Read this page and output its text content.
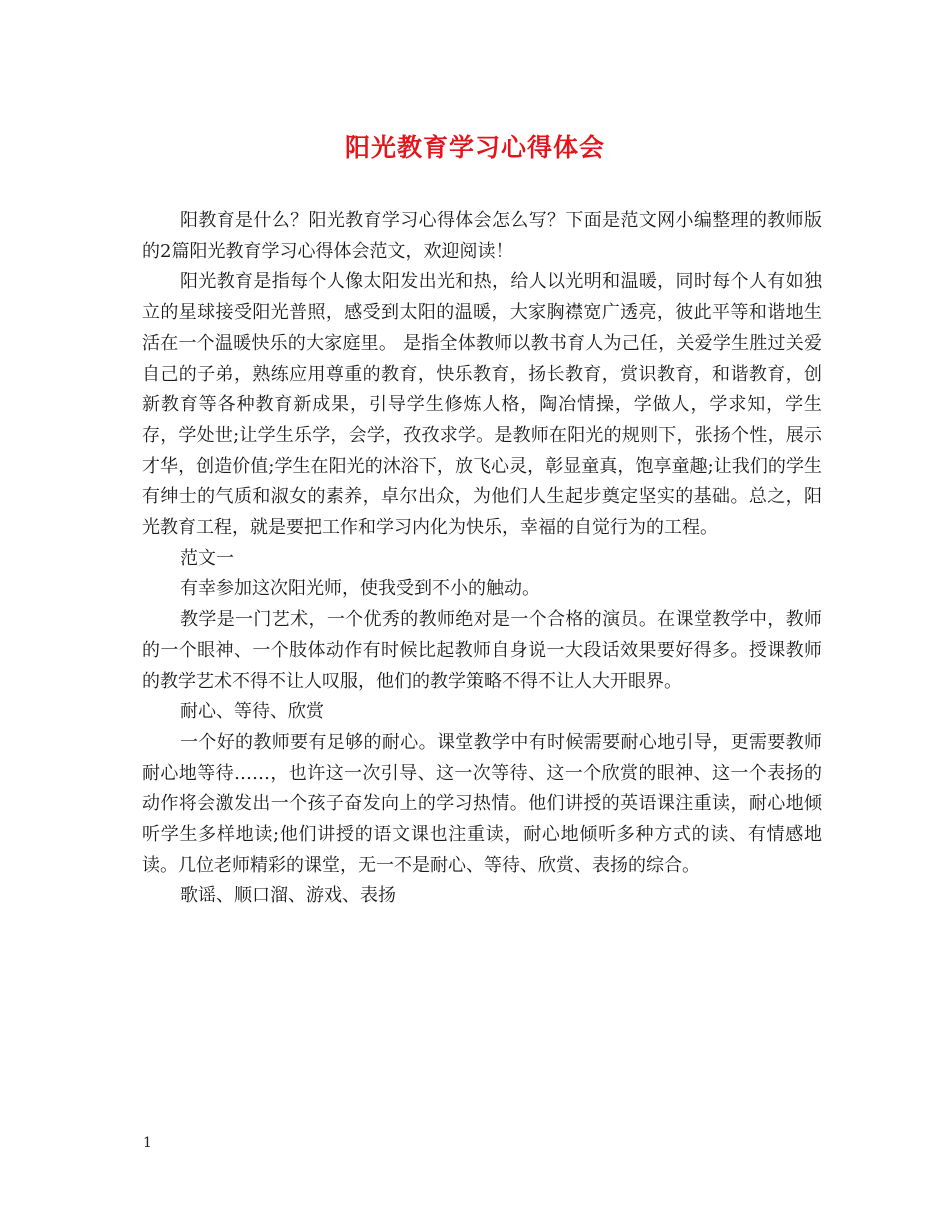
阳光教育学习心得体会

阳教育是什么？阳光教育学习心得体会怎么写？下面是范文网小编整理的教师版的2篇阳光教育学习心得体会范文，欢迎阅读！

阳光教育是指每个人像太阳发出光和热，给人以光明和温暖，同时每个人有如独立的星球接受阳光普照，感受到太阳的温暖，大家胸襟宽广透亮，彼此平等和谐地生活在一个温暖快乐的大家庭里。 是指全体教师以教书育人为己任，关爱学生胜过关爱自己的子弟，熟练应用尊重的教育，快乐教育，扬长教育，赏识教育，和谐教育，创新教育等各种教育新成果，引导学生修炼人格，陶冶情操，学做人，学求知，学生存，学处世;让学生乐学，会学，孜孜求学。是教师在阳光的规则下，张扬个性，展示才华，创造价值;学生在阳光的沐浴下，放飞心灵，彰显童真，饱享童趣;让我们的学生有绅士的气质和淑女的素养，卓尔出众，为他们人生起步奠定坚实的基础。总之，阳光教育工程，就是要把工作和学习内化为快乐，幸福的自觉行为的工程。

范文一

有幸参加这次阳光师，使我受到不小的触动。

教学是一门艺术，一个优秀的教师绝对是一个合格的演员。在课堂教学中，教师的一个眼神、一个肢体动作有时候比起教师自身说一大段话效果要好得多。授课教师的教学艺术不得不让人叹服，他们的教学策略不得不让人大开眼界。

耐心、等待、欣赏

一个好的教师要有足够的耐心。课堂教学中有时候需要耐心地引导，更需要教师耐心地等待……，也许这一次引导、这一次等待、这一个欣赏的眼神、这一个表扬的动作将会激发出一个孩子奋发向上的学习热情。他们讲授的英语课注重读，耐心地倾听学生多样地读;他们讲授的语文课也注重读，耐心地倾听多种方式的读、有情感地读。几位老师精彩的课堂，无一不是耐心、等待、欣赏、表扬的综合。

歌谣、顺口溜、游戏、表扬

1
